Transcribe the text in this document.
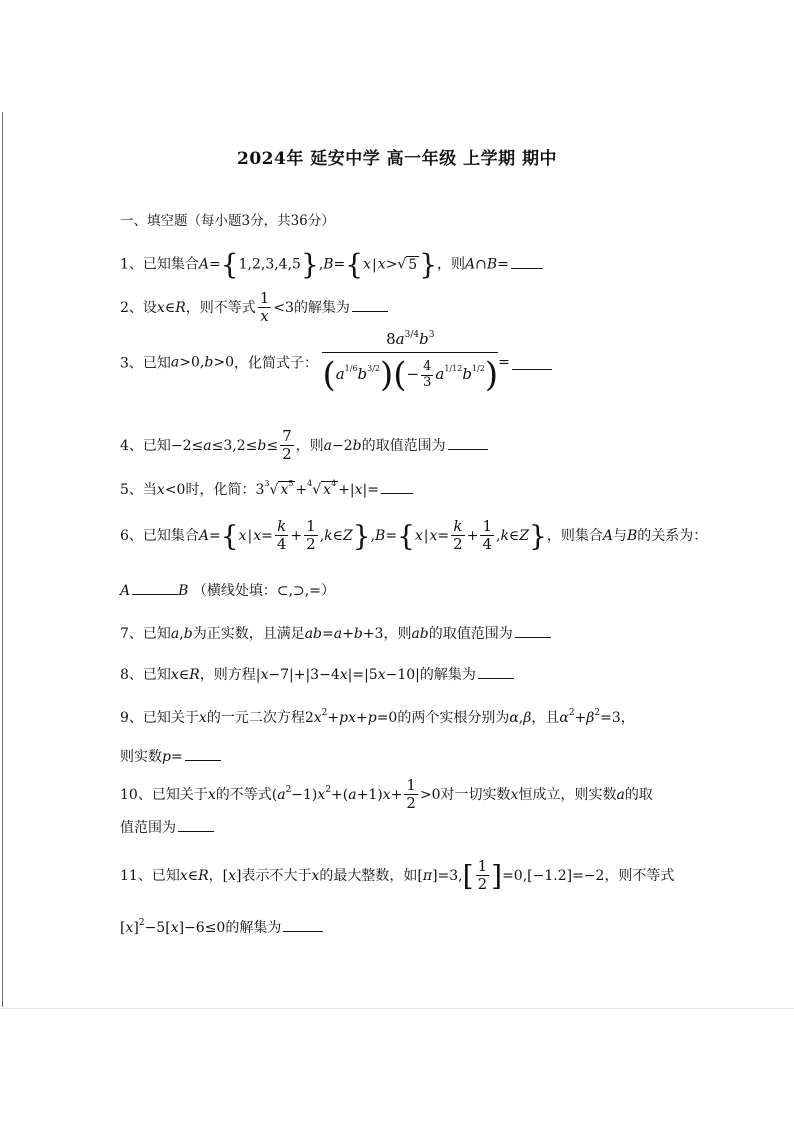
2024年 延安中学 高一年级 上学期 期中
一、填空题（每小题3分，共36分）
1、已知集合A={1,2,3,4,5},B={x|x>√ 5}，则A∩B=
2、设x∈R，则不等式 $\frac{1}{x} <3$的解集为
3、已知a>0,b>0，化简式子： $\frac{8a^{3/4}b^3}{(a^{1/6}b^{3/2})(- \frac{4}{3} a^{1/12}b^{1/2})}$ =
4、已知$-2\le a\le 3,2\le b\le \frac{7}{2}$ ，则a−2b的取值范围为
5、当x<0时，化简：$3^3√$ $x^5 +^4√$ $x^4 +|x|=$
6、已知集合$A=\{x|x= \frac{k}{4} + \frac{1}{2}$ ,k∈Z},B={x|x= $\frac{k}{2} + \frac{1}{4}$ ,k∈Z}，则集合A与B的关系为：
A	B （横线处填：⊂,⊃,=）
7、已知a,b为正实数，且满足ab=a+b+3，则ab的取值范围为
8、已知x∈R，则方程|x−7|+|3−4x|=|5x−10|的解集为
9、已知关于x的一元二次方程$2x^2+px+p=0$的两个实根分别为α,β，且$\alpha^2+\beta^2=3$，
则实数p=
10、已知关于x的不等式$(a^2-1)x^2+(a+1)x+ \frac{1}{2} >0$对一切实数x恒成立，则实数a的取
值范围为
11、已知x∈R，[x]表示不大于x的最大整数，如$[\pi]=3,[ \frac{1}{2} ]=0,[-1.2]=-2$，则不等式
$[x]^2-5[x]-6\le 0$的解集为
